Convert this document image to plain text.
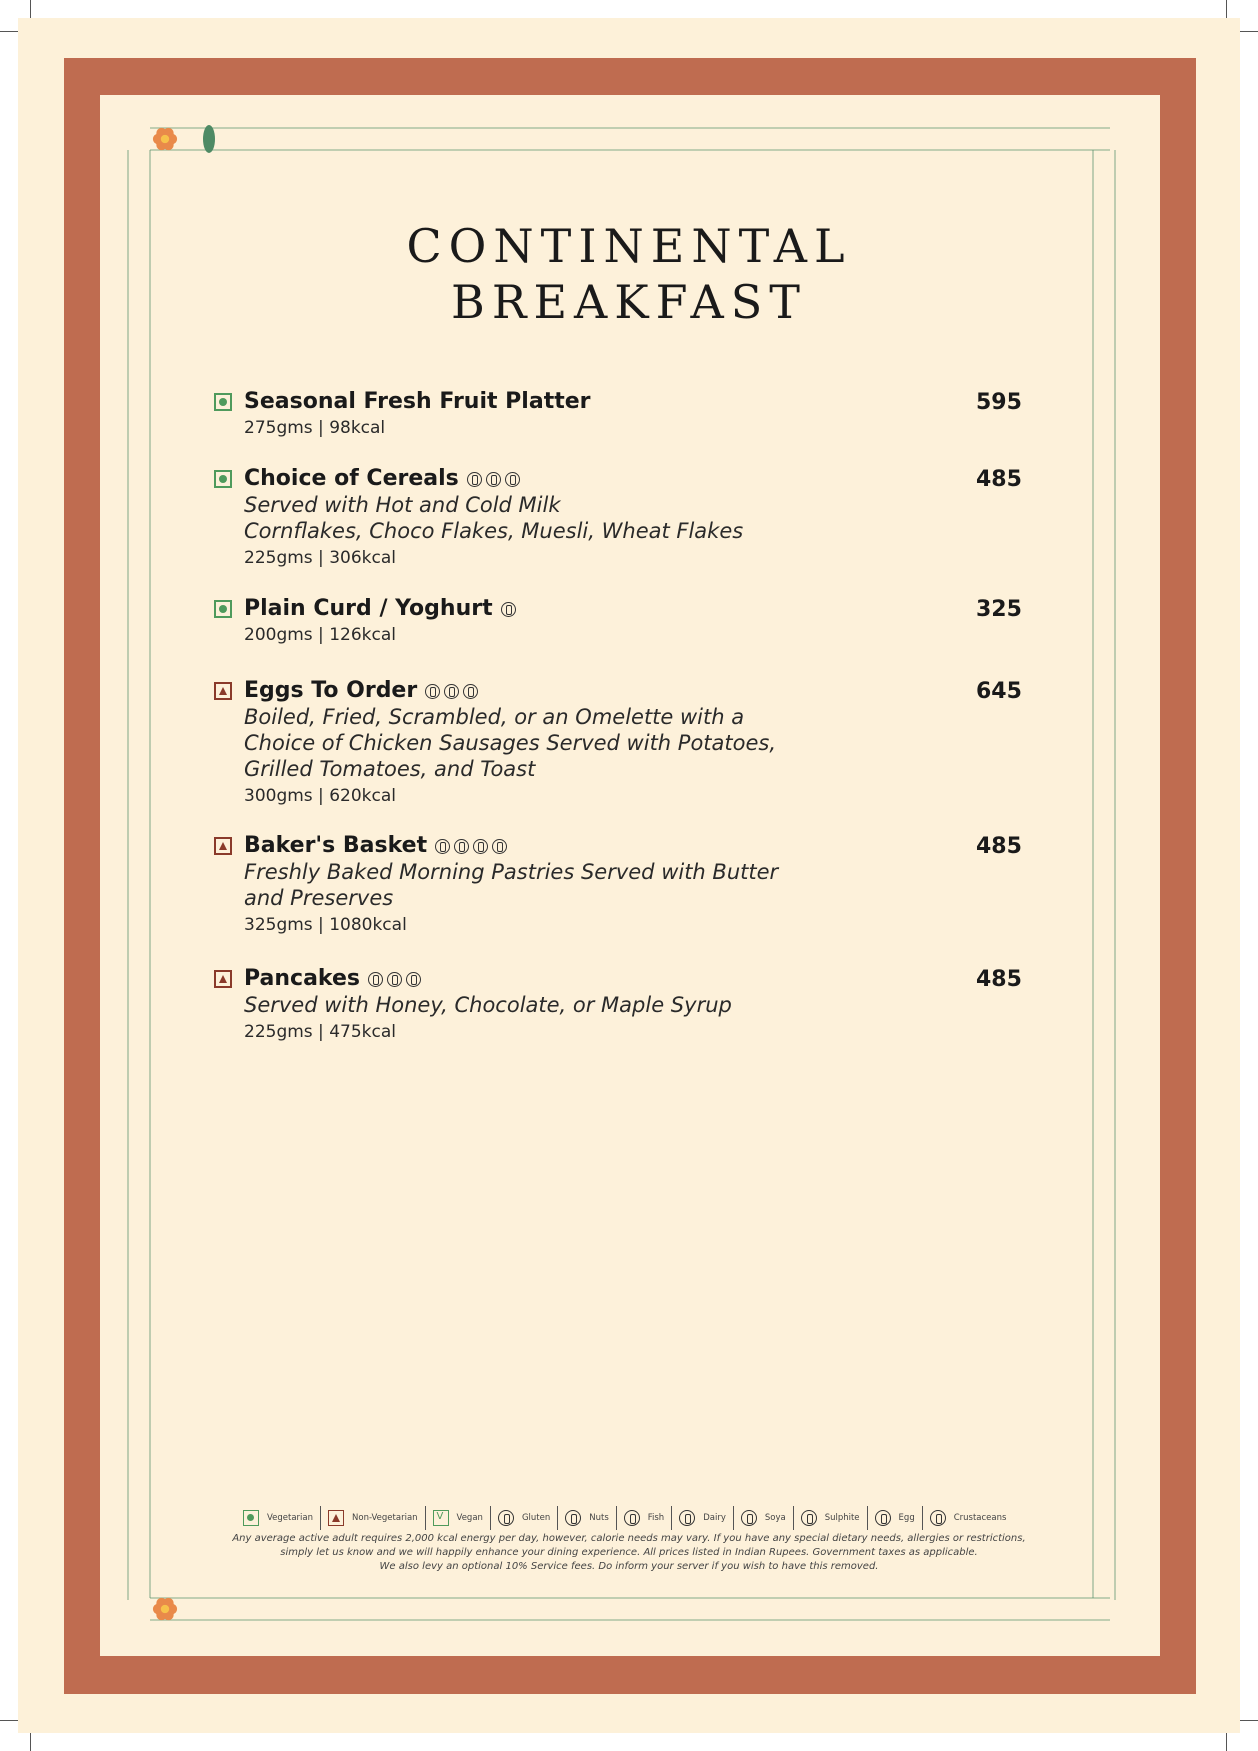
CONTINENTAL
BREAKFAST
Seasonal Fresh Fruit Platter	595
275gms | 98kcal
Choice of Cereals	485
Served with Hot and Cold Milk
Cornflakes, Choco Flakes, Muesli, Wheat Flakes
225gms | 306kcal
Plain Curd / Yoghurt	325
200gms | 126kcal
Eggs To Order	645
Boiled, Fried, Scrambled, or an Omelette with a
Choice of Chicken Sausages Served with Potatoes,
Grilled Tomatoes, and Toast
300gms | 620kcal
Baker's Basket	485
Freshly Baked Morning Pastries Served with Butter
and Preserves
325gms | 1080kcal
Pancakes	485
Served with Honey, Chocolate, or Maple Syrup
225gms | 475kcal
Vegetarian	Non-Vegetarian V	Vegan	Gluten	Nuts	Fish	Dairy	Soya	Sulphite	Egg	Crustaceans
Any average active adult requires 2,000 kcal energy per day, however, calorie needs may vary. If you have any special dietary needs, allergies or restrictions,
simply let us know and we will happily enhance your dining experience. All prices listed in Indian Rupees. Government taxes as applicable.
We also levy an optional 10% Service fees. Do inform your server if you wish to have this removed.
